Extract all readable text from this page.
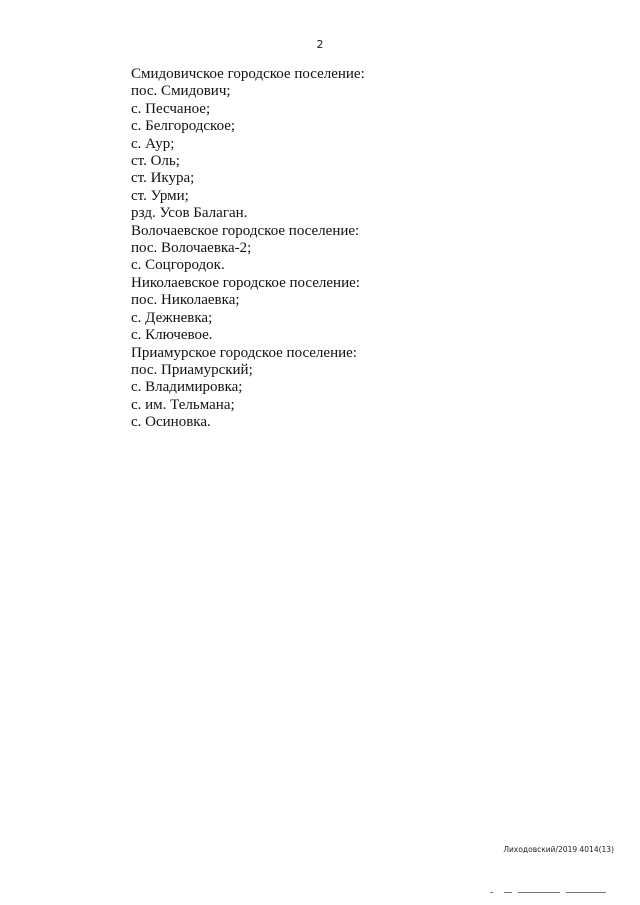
2
Смидовичское городское поселение:
пос. Смидович;
с. Песчаное;
с. Белгородское;
с. Аур;
ст. Оль;
ст. Икура;
ст. Урми;
рзд. Усов Балаган.
Волочаевское городское поселение:
пос. Волочаевка-2;
с. Соцгородок.
Николаевское городское поселение:
пос. Николаевка;
с. Дежневка;
с. Ключевое.
Приамурское городское поселение:
пос. Приамурский;
с. Владимировка;
с. им. Тельмана;
с. Осиновка.
Лиходовский/2019 4014(13)
